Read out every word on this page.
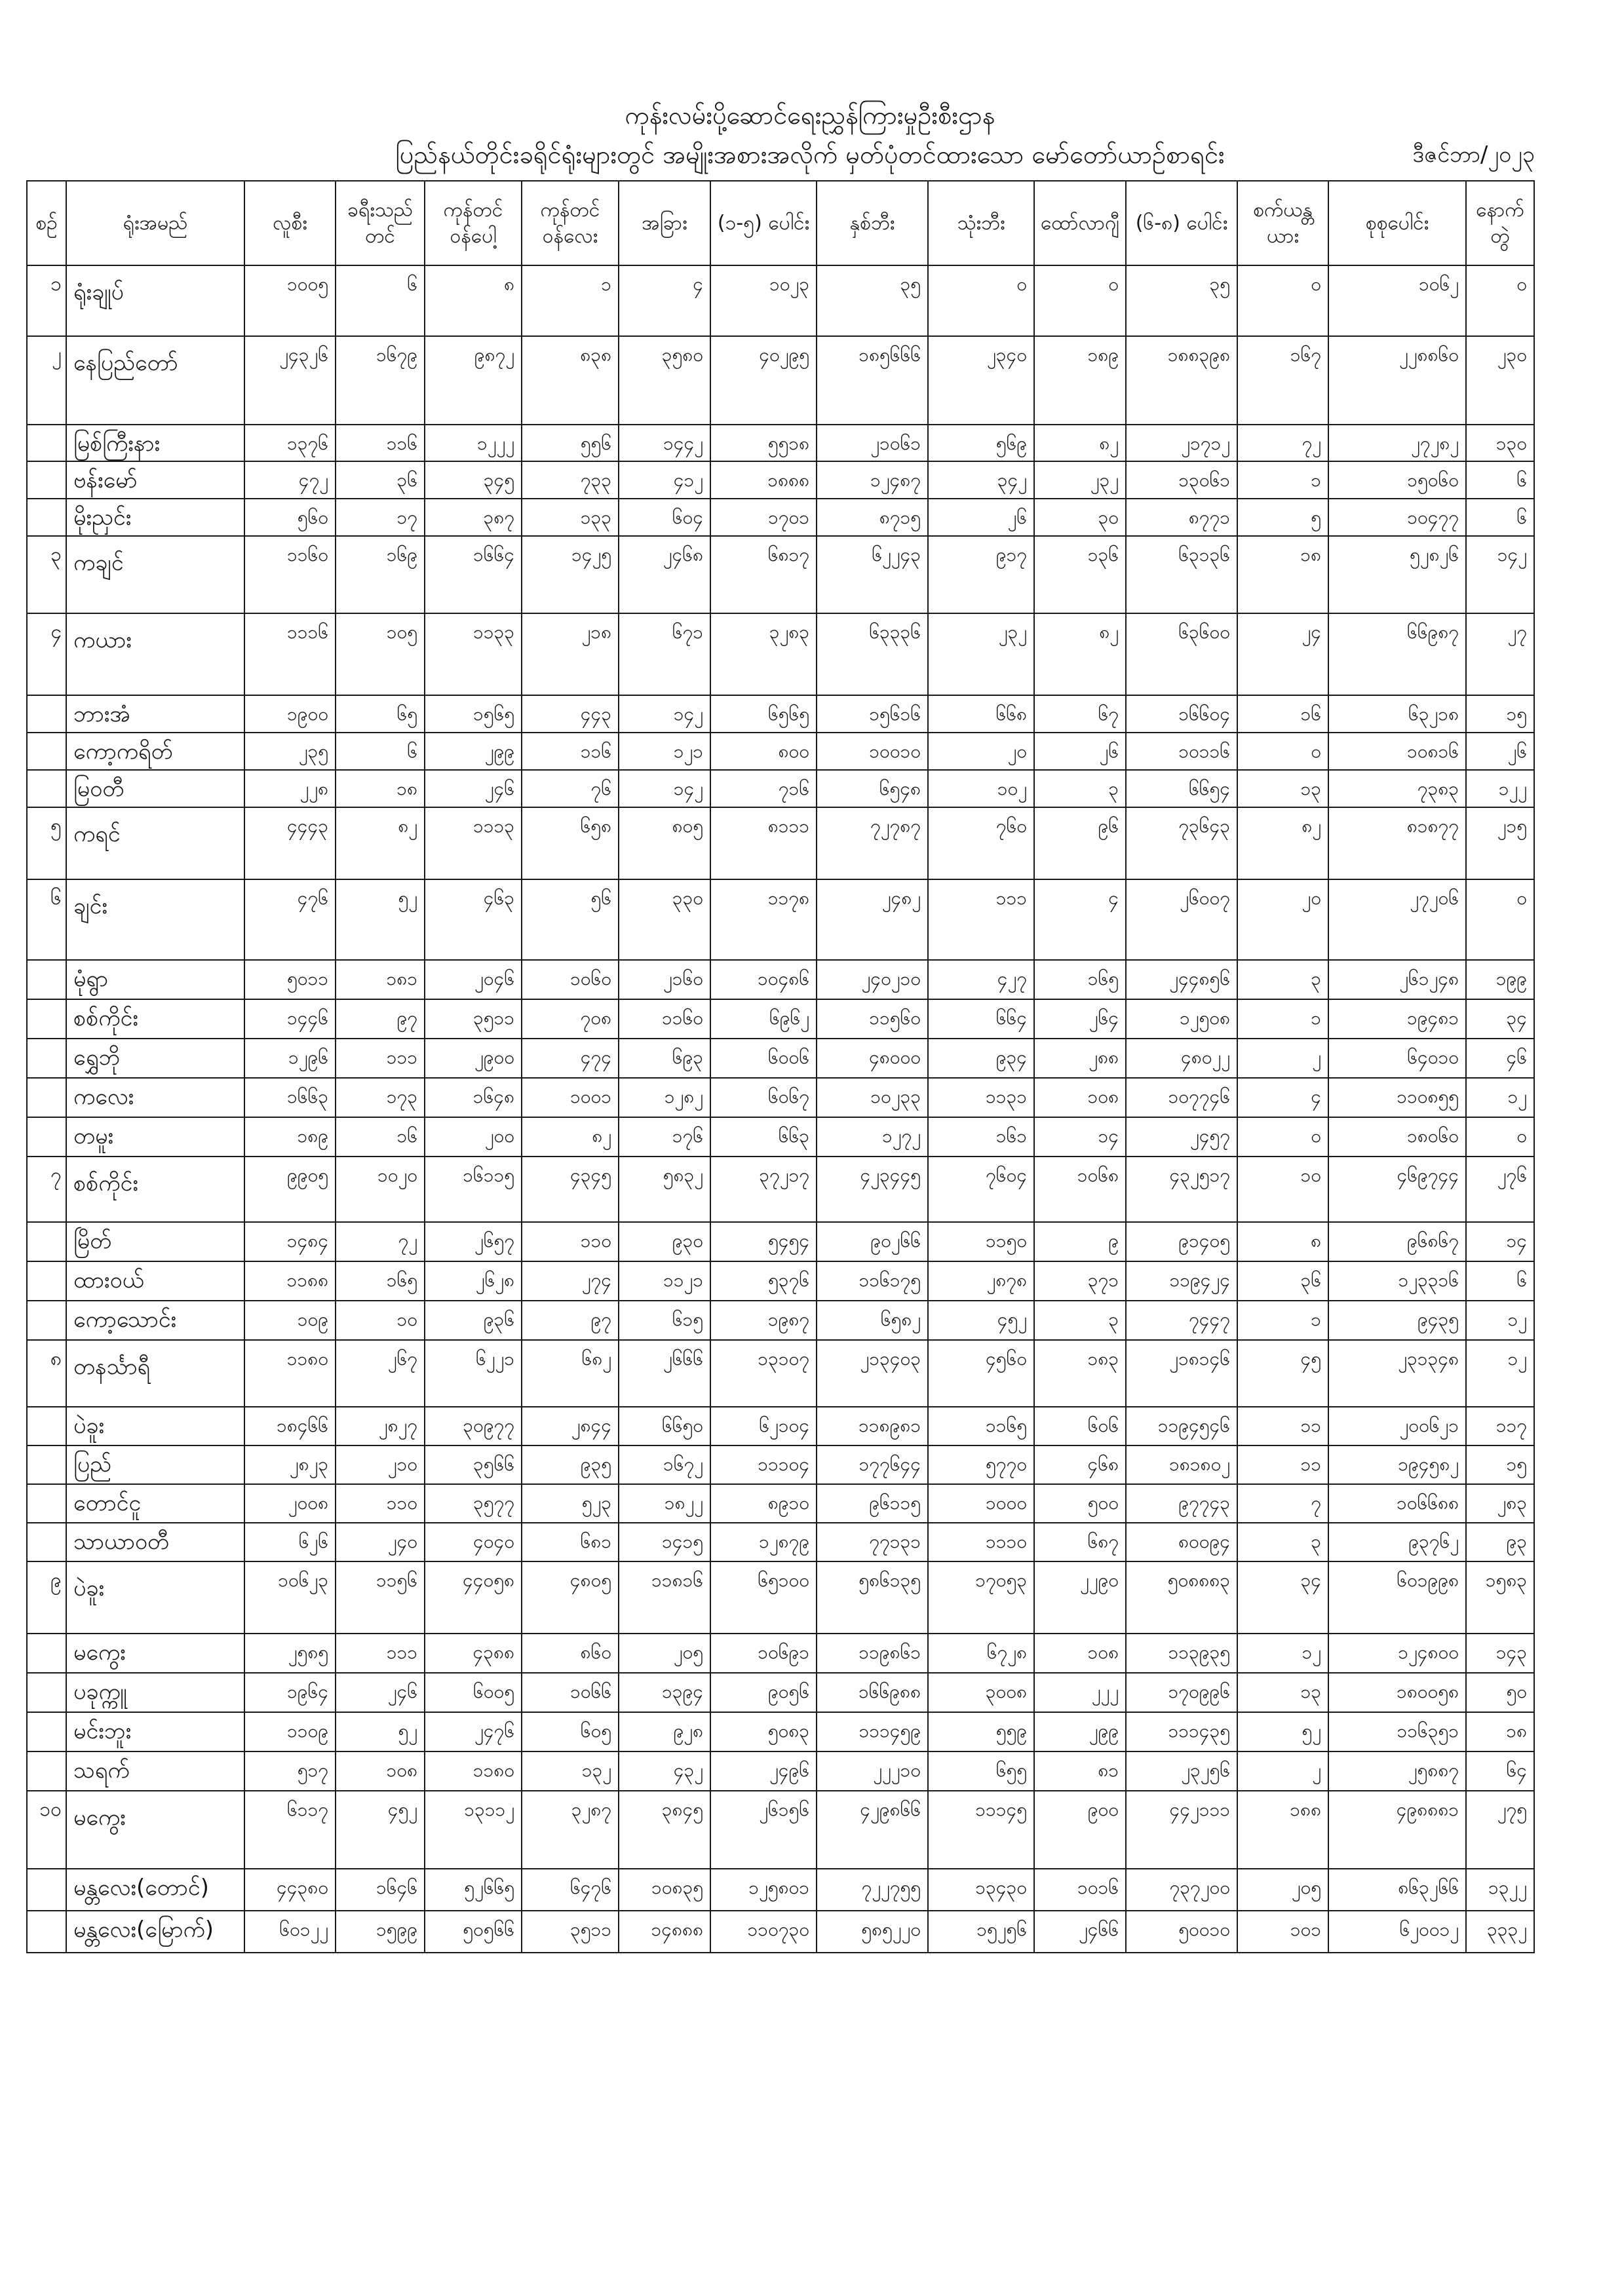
ကုန်းလမ်းပို့ဆောင်ရေးညွှန်ကြားမှုဦးစီးဌာန
ပြည်နယ်တိုင်းခရိုင်ရုံးများတွင် အမျိုးအစားအလိုက် မှတ်ပုံတင်ထားသော မော်တော်ယာဉ်စာရင်း	ဒီဇင်ဘာ/၂၀၂၃
စဉ်	ရုံးအမည်	လူစီး	ခရီးသည်တင်	ကုန်တင် ဝန်ပေါ့	ကုန်တင် ဝန်လေး	အခြား	(၁-၅) ပေါင်း	နှစ်ဘီး	သုံးဘီး	ထော်လာဂျီ	(၆-၈) ပေါင်း	စက်ယန္တယား	စုစုပေါင်း	နောက်တွဲ
၁	ရုံးချုပ်	၁၀၀၅	၆	၈	၁	၄	၁၀၂၃	၃၅	၀	၀	၃၅	၀	၁၀၆၂	၀
၂	နေပြည်တော်	၂၄၃၂၆	၁၆၇၉	၉၈၇၂	၈၃၈	၃၅၈၀	၄၀၂၉၅	၁၈၅၆၆၆	၂၃၄၀	၁၈၉	၁၈၈၃၉၈	၁၆၇	၂၂၈၈၆၀	၂၃၀
	မြစ်ကြီးနား	၁၃၇၆	၁၁၆	၁၂၂၂	၅၅၆	၁၄၄၂	၅၅၁၈	၂၁၀၆၁	၅၆၉	၈၂	၂၁၇၁၂	၇၂	၂၇၂၈၂	၁၃၀
	ဗန်းမော်	၄၇၂	၃၆	၃၄၅	၇၃၃	၄၁၂	၁၈၈၈	၁၂၄၈၇	၃၄၂	၂၃၂	၁၃၀၆၁	၁	၁၅၀၆၀	၆
	မိုးညှင်း	၅၆၀	၁၇	၃၈၇	၁၃၃	၆၀၄	၁၇၀၁	၈၇၁၅	၂၆	၃၀	၈၇၇၁	၅	၁၀၄၇၇	၆
၃	ကချင်	၁၁၆၀	၁၆၉	၁၆၆၄	၁၄၂၅	၂၄၆၈	၆၈၁၇	၆၂၂၄၃	၉၁၇	၁၃၆	၆၃၁၃၆	၁၈	၅၂၈၂၆	၁၄၂
၄	ကယား	၁၁၁၆	၁၀၅	၁၁၃၃	၂၁၈	၆၇၁	၃၂၈၃	၆၃၃၃၆	၂၃၂	၈၂	၆၃၆၀၀	၂၄	၆၆၉၈၇	၂၇
	ဘားအံ	၁၉၀၀	၆၅	၁၅၆၅	၄၄၃	၁၄၂	၆၅၆၅	၁၅၆၁၆	၆၆၈	၆၇	၁၆၆၀၄	၁၆	၆၃၂၁၈	၁၅
	ကော့ကရိတ်	၂၃၅	၆	၂၉၉	၁၁၆	၁၂၁	၈၀၀	၁၀၀၁၀	၂၀	၂၆	၁၀၁၁၆	၀	၁၀၈၁၆	၂၆
	မြဝတီ	၂၂၈	၁၈	၂၄၆	၇၆	၁၄၂	၇၁၆	၆၅၄၈	၁၀၂	၃	၆၆၅၄	၁၃	၇၃၈၃	၁၂၂
၅	ကရင်	၄၄၄၃	၈၂	၁၁၁၃	၆၅၈	၈၀၅	၈၁၁၁	၇၂၇၈၇	၇၆၀	၉၆	၇၃၆၄၃	၈၂	၈၁၈၇၇	၂၁၅
၆	ချင်း	၄၇၆	၅၂	၄၆၃	၅၆	၃၃၀	၁၁၇၈	၂၄၈၂	၁၁၁	၄	၂၆၀၀၇	၂၀	၂၇၂၀၆	၀
	မုံရွာ	၅၀၁၁	၁၈၁	၂၀၄၆	၁၀၆၀	၂၁၆၀	၁၀၄၈၆	၂၄၀၂၁၀	၄၂၇	၁၆၅	၂၄၄၈၅၆	၃	၂၆၁၂၄၈	၁၉၉
	စစ်ကိုင်း	၁၄၄၆	၉၇	၃၅၁၁	၇၀၈	၁၁၆၀	၆၉၆၂	၁၁၅၆၀	၆၆၄	၂၆၄	၁၂၅၀၈	၁	၁၉၄၈၁	၃၄
	ရွှေဘို	၁၂၉၆	၁၁၁	၂၉၀၀	၄၇၄	၆၉၃	၆၀၀၆	၄၈၀၀၀	၉၃၄	၂၈၈	၄၈၀၂၂	၂	၆၄၀၁၀	၄၆
	ကလေး	၁၆၆၃	၁၇၃	၁၆၄၈	၁၀၀၁	၁၂၈၂	၆၀၆၇	၁၀၂၃၃	၁၁၃၁	၁၀၈	၁၀၇၇၄၆	၄	၁၁၀၈၅၅	၁၂
	တမူး	၁၈၉	၁၆	၂၀၀	၈၂	၁၇၆	၆၆၃	၁၂၇၂	၁၆၁	၁၄	၂၄၅၇	၀	၁၈၀၆၀	၀
၇	စစ်ကိုင်း	၉၉၀၅	၁၀၂၀	၁၆၁၁၅	၄၃၄၅	၅၈၃၂	၃၇၂၁၇	၄၂၃၄၄၅	၇၆၀၄	၁၀၆၈	၄၃၂၅၁၇	၁၀	၄၆၉၇၄၄	၂၇၆
	မြိတ်	၁၄၈၄	၇၂	၂၆၅၇	၁၁၀	၉၃၀	၅၄၅၄	၉၀၂၆၆	၁၁၅၀	၉	၉၁၄၀၅	၈	၉၆၈၆၇	၁၄
	ထားဝယ်	၁၁၈၈	၁၆၅	၂၆၂၈	၂၇၄	၁၁၂၁	၅၃၇၆	၁၁၆၁၇၅	၂၈၇၈	၃၇၁	၁၁၉၄၂၄	၃၆	၁၂၃၃၁၆	၆
	ကော့သောင်း	၁၀၉	၁၀	၉၃၆	၉၇	၆၁၅	၁၉၈၇	၆၅၈၂	၄၅၂	၃	၇၄၄၇	၁	၉၄၃၅	၁၂
၈	တနင်္သာရီ	၁၁၈၀	၂၆၇	၆၂၂၁	၆၈၂	၂၆၆၆	၁၃၁၀၇	၂၁၃၄၀၃	၄၅၆၀	၁၈၃	၂၁၈၁၄၆	၄၅	၂၃၁၃၄၈	၁၂
	ပဲခူး	၁၈၄၆၆	၂၈၂၇	၃၀၉၇၇	၂၈၄၄	၆၆၅၀	၆၂၁၀၄	၁၁၈၉၈၁	၁၁၆၅	၆၀၆	၁၁၉၄၅၄၆	၁၁	၂၀၀၆၂၁	၁၁၇
	ပြည်	၂၈၂၃	၂၁၀	၃၅၆၆	၉၃၅	၁၆၇၂	၁၁၁၀၄	၁၇၇၆၄၄	၅၇၇၀	၄၆၈	၁၈၁၈၀၂	၁၁	၁၉၄၅၈၂	၁၅
	တောင်ငူ	၂၀၀၈	၁၁၀	၃၅၇၇	၅၂၃	၁၈၂၂	၈၉၁၀	၉၆၁၁၅	၁၀၀၀	၅၀၀	၉၇၇၄၃	၇	၁၀၆၆၈၈	၂၈၃
	သာယာဝတီ	၆၂၆	၂၄၀	၄၀၄၀	၆၈၁	၁၄၁၅	၁၂၈၇၉	၇၇၁၃၁	၁၁၁၀	၆၈၇	၈၀၀၉၄	၃	၉၃၇၆၂	၉၃
၉	ပဲခူး	၁၀၆၂၃	၁၁၅၆	၄၄၀၅၈	၄၈၀၅	၁၁၈၁၆	၆၅၁၀၀	၅၈၆၁၃၅	၁၇၀၅၃	၂၂၉၀	၅၀၈၈၈၃	၃၄	၆၀၁၉၉၈	၁၅၈၃
	မကွေး	၂၅၈၅	၁၁၁	၄၃၈၈	၈၆၀	၂၀၅	၁၀၆၉၁	၁၁၉၈၆၁	၆၇၂၈	၁၀၈	၁၁၃၉၃၅	၁၂	၁၂၄၈၀၀	၁၄၃
	ပခုက္ကူ	၁၉၆၄	၂၄၆	၆၀၀၅	၁၀၆၆	၁၃၉၄	၉၀၅၆	၁၆၆၉၈၈	၃၀၀၈	၂၂၂	၁၇၀၉၉၆	၁၃	၁၈၀၀၅၈	၅၀
	မင်းဘူး	၁၁၀၉	၅၂	၂၄၇၆	၆၀၅	၉၂၈	၅၀၈၃	၁၁၁၄၅၉	၅၅၉	၂၉၉	၁၁၁၄၃၅	၅၂	၁၁၆၃၅၁	၁၈
	သရက်	၅၁၇	၁၀၈	၁၁၈၀	၁၃၂	၄၃၂	၂၄၉၆	၂၂၂၁၀	၆၅၅	၈၁	၂၃၂၅၆	၂	၂၅၈၈၇	၆၄
၁၀	မကွေး	၆၁၁၇	၄၅၂	၁၃၁၁၂	၃၂၈၇	၃၈၄၅	၂၆၁၅၆	၄၂၉၈၆၆	၁၁၁၄၅	၉၀၀	၄၄၂၁၁၁	၁၈၈	၄၉၈၈၈၁	၂၇၅
	မန္တလေး(တောင်)	၄၄၃၈၀	၁၆၄၆	၅၂၆၆၅	၆၄၇၆	၁၀၈၃၅	၁၂၅၈၀၁	၇၂၂၇၅၅	၁၃၄၃၀	၁၀၁၆	၇၃၇၂၀၀	၂၀၅	၈၆၃၂၆၆	၁၃၂၂
	မန္တလေး(မြောက်)	၆၀၁၂၂	၁၅၉၉	၅၀၅၆၆	၃၅၁၁	၁၄၈၈၈	၁၁၀၇၃၀	၅၈၅၂၂၀	၁၅၂၅၆	၂၄၆၆	၅၀၀၁၀	၁၀၁	၆၂၀၀၁၂	၃၃၃၂
